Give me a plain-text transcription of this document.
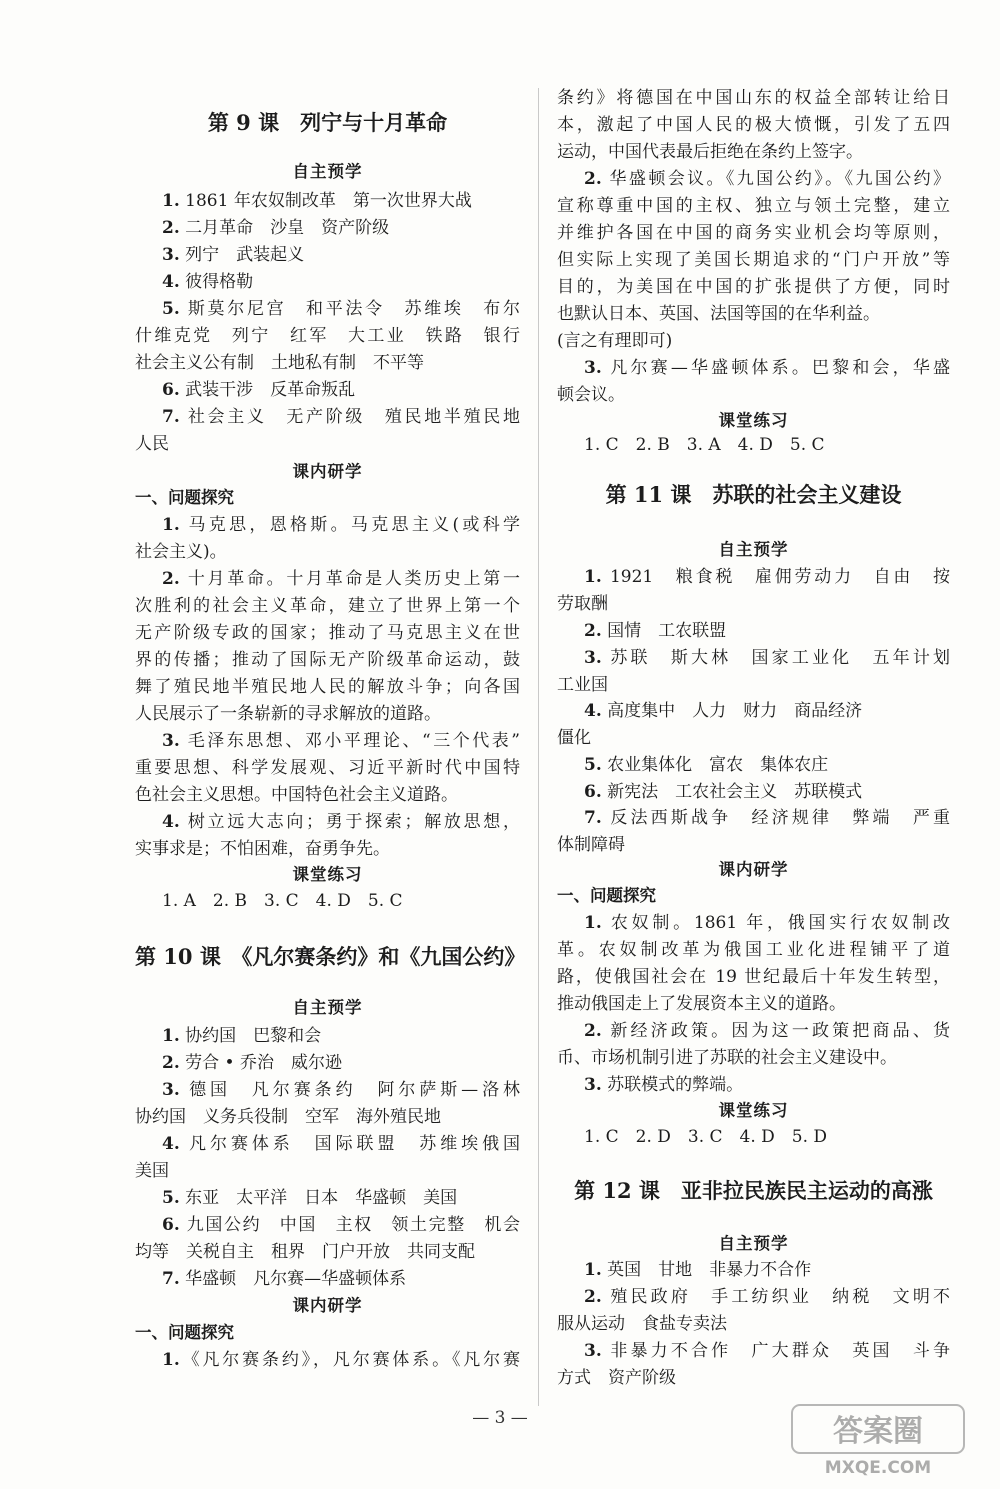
第 9 课　列宁与十月革命
自主预学
1. 1861 年农奴制改革　第一次世界大战
2. 二月革命　沙皇　资产阶级
3. 列宁　武装起义
4. 彼得格勒
5. 斯莫尔尼宫　和平法令　苏维埃　布尔
什维克党　列宁　红军　大工业　铁路　银行
社会主义公有制　土地私有制　不平等
6. 武装干涉　反革命叛乱
7. 社会主义　无产阶级　殖民地半殖民地
人民
课内研学
一、问题探究
1. 马克思，恩格斯。马克思主义(或科学
社会主义)。
2. 十月革命。十月革命是人类历史上第一
次胜利的社会主义革命，建立了世界上第一个
无产阶级专政的国家；推动了马克思主义在世
界的传播；推动了国际无产阶级革命运动，鼓
舞了殖民地半殖民地人民的解放斗争；向各国
人民展示了一条崭新的寻求解放的道路。
3. 毛泽东思想、邓小平理论、“三个代表”
重要思想、科学发展观、习近平新时代中国特
色社会主义思想。中国特色社会主义道路。
4. 树立远大志向；勇于探索；解放思想，
实事求是；不怕困难，奋勇争先。
课堂练习
1. A　2. B　3. C　4. D　5. C
第 10 课　《凡尔赛条约》和《九国公约》
自主预学
1. 协约国　巴黎和会
2. 劳合 • 乔治　威尔逊
3. 德国　凡尔赛条约　阿尔萨斯—洛林
协约国　义务兵役制　空军　海外殖民地
4. 凡尔赛体系　国际联盟　苏维埃俄国
美国
5. 东亚　太平洋　日本　华盛顿　美国
6. 九国公约　中国　主权　领土完整　机会
均等　关税自主　租界　门户开放　共同支配
7. 华盛顿　凡尔赛—华盛顿体系
课内研学
一、问题探究
1.《凡尔赛条约》，凡尔赛体系。《凡尔赛
条约》将德国在中国山东的权益全部转让给日
本，激起了中国人民的极大愤慨，引发了五四
运动，中国代表最后拒绝在条约上签字。
2. 华盛顿会议。《九国公约》。《九国公约》
宣称尊重中国的主权、独立与领土完整，建立
并维护各国在中国的商务实业机会均等原则，
但实际上实现了美国长期追求的“门户开放”等
目的，为美国在中国的扩张提供了方便，同时
也默认日本、英国、法国等国的在华利益。
(言之有理即可)
3. 凡尔赛—华盛顿体系。巴黎和会，华盛
顿会议。
课堂练习
1. C　2. B　3. A　4. D　5. C
第 11 课　苏联的社会主义建设
自主预学
1. 1921　粮食税　雇佣劳动力　自由　按
劳取酬
2. 国情　工农联盟
3. 苏联　斯大林　国家工业化　五年计划
工业国
4. 高度集中　人力　财力　商品经济
僵化
5. 农业集体化　富农　集体农庄
6. 新宪法　工农社会主义　苏联模式
7. 反法西斯战争　经济规律　弊端　严重
体制障碍
课内研学
一、问题探究
1. 农奴制。1861 年，俄国实行农奴制改
革。农奴制改革为俄国工业化进程铺平了道
路，使俄国社会在 19 世纪最后十年发生转型，
推动俄国走上了发展资本主义的道路。
2. 新经济政策。因为这一政策把商品、货
币、市场机制引进了苏联的社会主义建设中。
3. 苏联模式的弊端。
课堂练习
1. C　2. D　3. C　4. D　5. D
第 12 课　亚非拉民族民主运动的高涨
自主预学
1. 英国　甘地　非暴力不合作
2. 殖民政府　手工纺织业　纳税　文明不
服从运动　食盐专卖法
3. 非暴力不合作　广大群众　英国　斗争
方式　资产阶级
— 3 —	答案圈
MXQE.COM
